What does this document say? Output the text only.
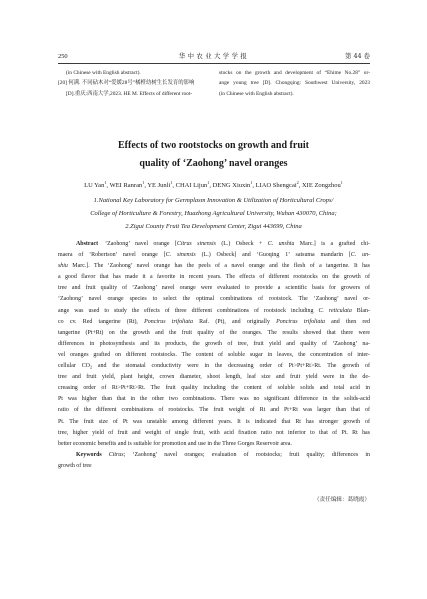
250	华中农业大学学报	第 44 卷
(in Chinese with English abstract).
[20] 何满. 不同砧木对“爱媛28号”橘橙幼树生长发育的影响
[D].重庆:西南大学,2023. HE M. Effects of different root-
stocks on the growth and development of “Ehime No.28” or-
ange young tree [D]. Chongqing: Southwest University, 2023
(in Chinese with English abstract).
Effects of two rootstocks on growth and fruit
quality of ‘Zaohong’ navel oranges
LU Yan$^1$, WEI Ranran$^1$, YE Junli$^1$, CHAI Lijun$^1$, DENG Xiuxin$^1$, LIAO Shengcai$^2$, XIE Zongzhou$^1$
1.National Key Laboratory for Germplasm Innovation & Utilization of Horticultural Crops/
College of Horticulture & Forestry, Huazhong Agricultural University, Wuhan 430070, China;
2.Zigui County Fruit Tea Development Center, Zigui 443699, China
Abstract ‘Zaohong’ navel orange [Citrus sinensis (L.) Osbeck + C. unshiu Marc.] is a grafted chi-
maera of ‘Robertson’ navel orange [C. sinensis (L.) Osbeck] and ‘Guoqing 1’ satsuma mandarin [C. un-
shiu Marc.]. The ‘Zaohong’ navel orange has the peels of a navel orange and the flesh of a tangerine. It has
a good flavor that has made it a favorite in recent years. The effects of different rootstocks on the growth of
tree and fruit quality of ‘Zaohong’ navel orange were evaluated to provide a scientific basis for growers of
‘Zaohong’ navel orange species to select the optimal combinations of rootstock. The ‘Zaohong’ navel or-
ange was used to study the effects of three different combinations of rootstock including C. reticulata Blan-
co cv. Red tangerine (Rt), Poncirus trifoliata Raf. (Pt), and originally Poncirus trifoliata and then red
tangerine (Pt+Rt) on the growth and the fruit quality of the oranges. The results showed that there were
differences in photosynthesis and its products, the growth of tree, fruit yield and quality of ‘Zaohong’ na-
vel oranges grafted on different rootstocks. The content of soluble sugar in leaves, the concentration of inter-
cellular $CO_2$ and the stomatal conductivity were in the decreasing order of Pt>Pt+Rt>Rt. The growth of
tree and fruit yield, plant height, crown diameter, shoot length, leaf size and fruit yield were in the de-
creasing order of Rt>Pt+Rt>Rt. The fruit quality including the content of soluble solids and total acid in
Pt was higher than that in the other two combinations. There was no significant difference in the solids-acid
ratio of the different combinations of rootstocks. The fruit weight of Rt and Pt+Rt was larger than that of
Pt. The fruit size of Pt was unstable among different years. It is indicated that Rt has stronger growth of
tree, higher yield of fruit and weight of single fruit, with acid fixation ratio not inferior to that of Pt. Rt has
better economic benefits and is suitable for promotion and use in the Three Gorges Reservoir area.
Keywords Citrus; ‘Zaohong’ navel oranges; evaluation of rootstocks; fruit quality; differences in
growth of tree
（责任编辑：葛晓霞）
